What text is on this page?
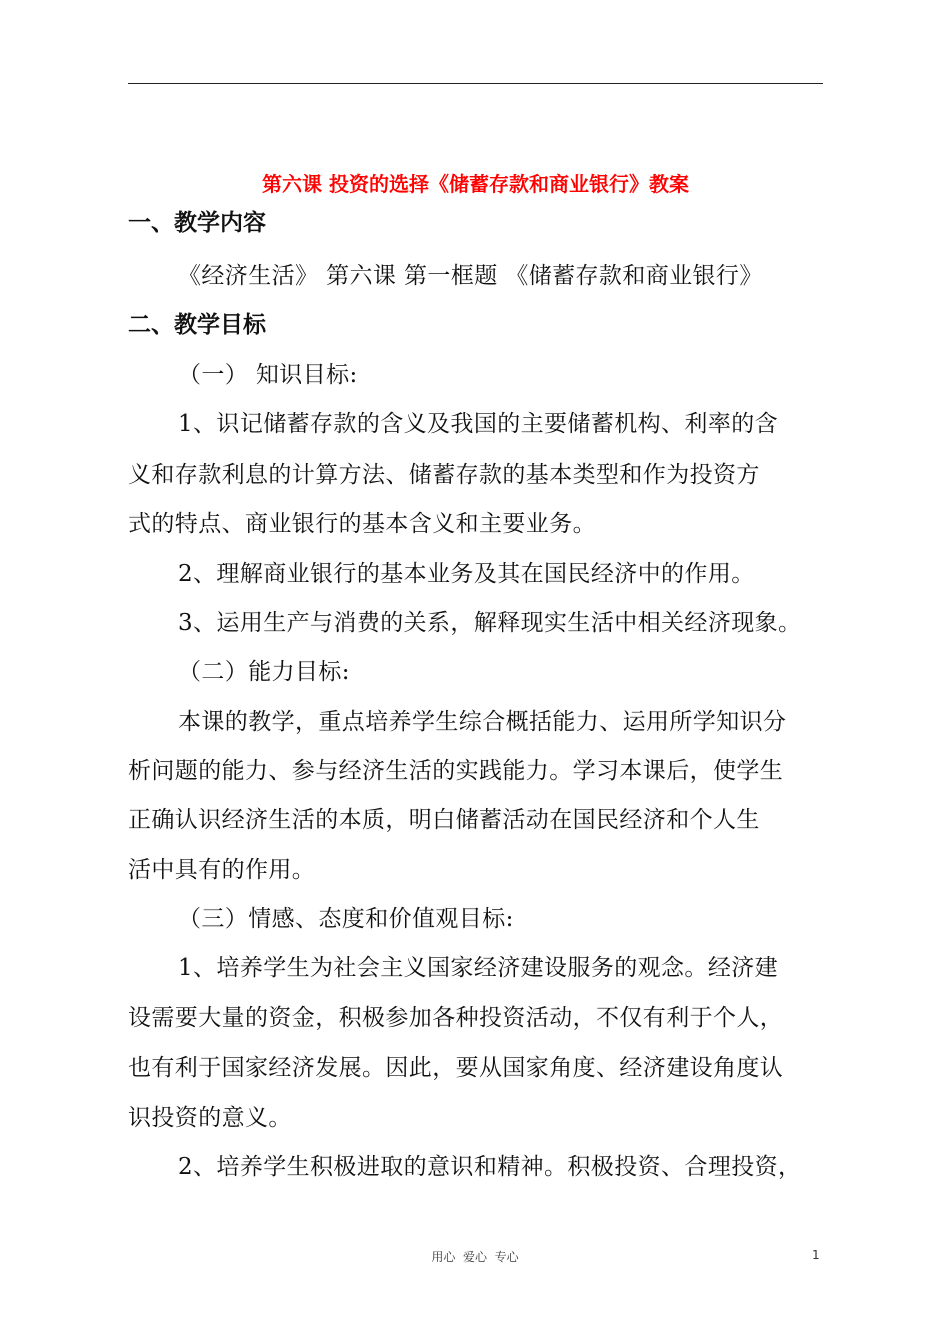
第六课 投资的选择《储蓄存款和商业银行》教案
一、教学内容
《经济生活》 第六课 第一框题 《储蓄存款和商业银行》
二、教学目标
（一） 知识目标:
1、识记储蓄存款的含义及我国的主要储蓄机构、利率的含
义和存款利息的计算方法、储蓄存款的基本类型和作为投资方
式的特点、商业银行的基本含义和主要业务。
2、理解商业银行的基本业务及其在国民经济中的作用。
3、运用生产与消费的关系，解释现实生活中相关经济现象。
（二）能力目标:
本课的教学，重点培养学生综合概括能力、运用所学知识分
析问题的能力、参与经济生活的实践能力。学习本课后，使学生
正确认识经济生活的本质，明白储蓄活动在国民经济和个人生
活中具有的作用。
（三）情感、态度和价值观目标:
1、培养学生为社会主义国家经济建设服务的观念。经济建
设需要大量的资金，积极参加各种投资活动，不仅有利于个人，
也有利于国家经济发展。因此，要从国家角度、经济建设角度认
识投资的意义。
2、培养学生积极进取的意识和精神。积极投资、合理投资，
用心  爱心  专心	1
